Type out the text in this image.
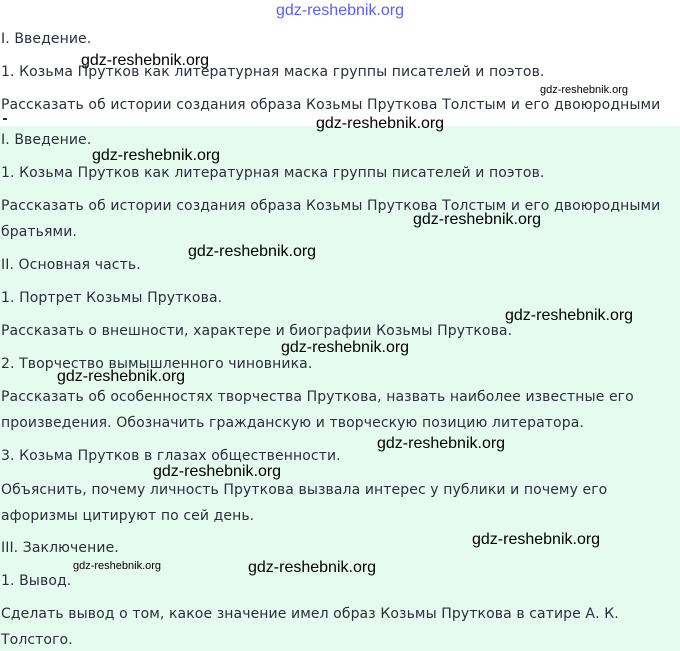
gdz-reshebnik.org
I. Введение.
1. Козьма Прутков как литературная маска группы писателей и поэтов.
Рассказать об истории создания образа Козьмы Пруткова Толстым и его двоюродными
I. Введение.
1. Козьма Прутков как литературная маска группы писателей и поэтов.
Рассказать об истории создания образа Козьмы Пруткова Толстым и его двоюродными
братьями.
II. Основная часть.
1. Портрет Козьмы Пруткова.
Рассказать о внешности, характере и биографии Козьмы Пруткова.
2. Творчество вымышленного чиновника.
Рассказать об особенностях творчества Пруткова, назвать наиболее известные его
произведения. Обозначить гражданскую и творческую позицию литератора.
3. Козьма Прутков в глазах общественности.
Объяснить, почему личность Пруткова вызвала интерес у публики и почему его
афоризмы цитируют по сей день.
III. Заключение.
1. Вывод.
Сделать вывод о том, какое значение имел образ Козьмы Пруткова в сатире А. К.
Толстого.
gdz-reshebnik.org
gdz-reshebnik.org
gdz-reshebnik.org
gdz-reshebnik.org
gdz-reshebnik.org
gdz-reshebnik.org
gdz-reshebnik.org
gdz-reshebnik.org
gdz-reshebnik.org
gdz-reshebnik.org
gdz-reshebnik.org
gdz-reshebnik.org
gdz-reshebnik.org	gdz-reshebnik.org
